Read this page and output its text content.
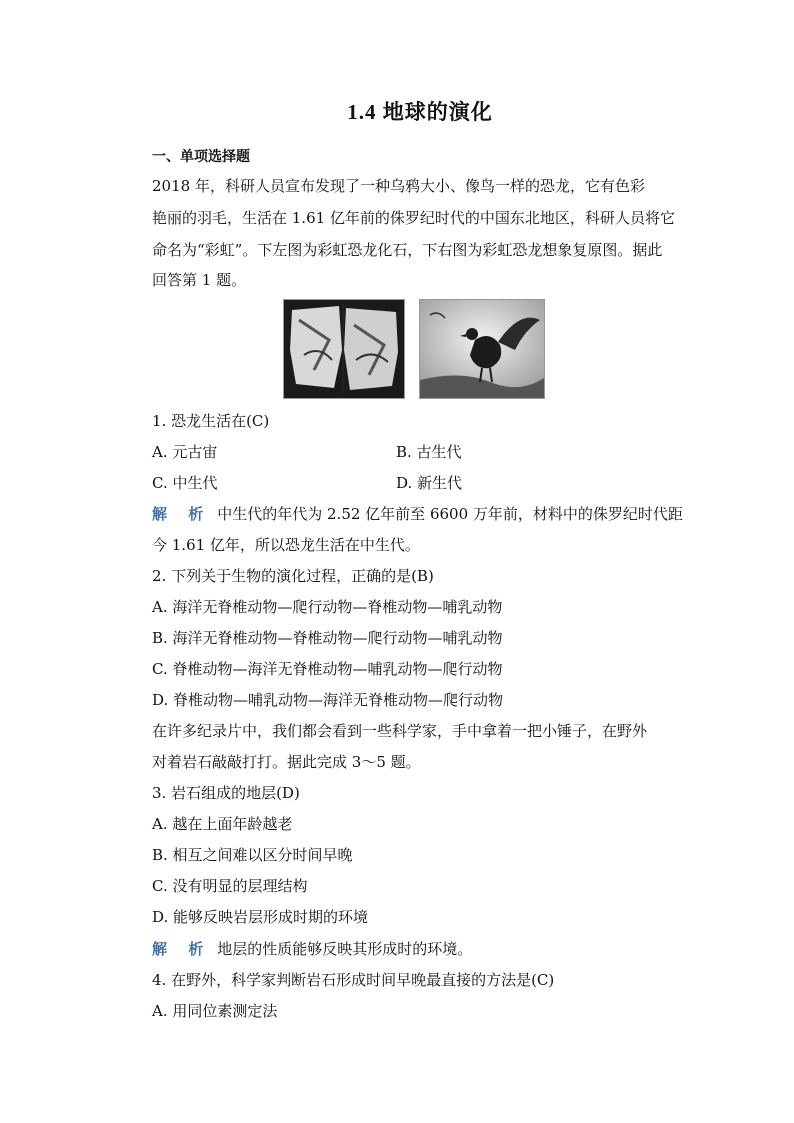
1.4 地球的演化
一、单项选择题
2018 年，科研人员宣布发现了一种乌鸦大小、像鸟一样的恐龙，它有色彩
艳丽的羽毛，生活在 1.61 亿年前的侏罗纪时代的中国东北地区，科研人员将它
命名为“彩虹”。下左图为彩虹恐龙化石，下右图为彩虹恐龙想象复原图。据此
回答第 1 题。
1. 恐龙生活在(C)
A. 元古宙	B. 古生代
C. 中生代	D. 新生代
解 析 中生代的年代为 2.52 亿年前至 6600 万年前，材料中的侏罗纪时代距
今 1.61 亿年，所以恐龙生活在中生代。
2. 下列关于生物的演化过程，正确的是(B)
A. 海洋无脊椎动物—爬行动物—脊椎动物—哺乳动物
B. 海洋无脊椎动物—脊椎动物—爬行动物—哺乳动物
C. 脊椎动物—海洋无脊椎动物—哺乳动物—爬行动物
D. 脊椎动物—哺乳动物—海洋无脊椎动物—爬行动物
在许多纪录片中，我们都会看到一些科学家，手中拿着一把小锤子，在野外
对着岩石敲敲打打。据此完成 3～5 题。
3. 岩石组成的地层(D)
A. 越在上面年龄越老
B. 相互之间难以区分时间早晚
C. 没有明显的层理结构
D. 能够反映岩层形成时期的环境
解 析 地层的性质能够反映其形成时的环境。
4. 在野外，科学家判断岩石形成时间早晚最直接的方法是(C)
A. 用同位素测定法
